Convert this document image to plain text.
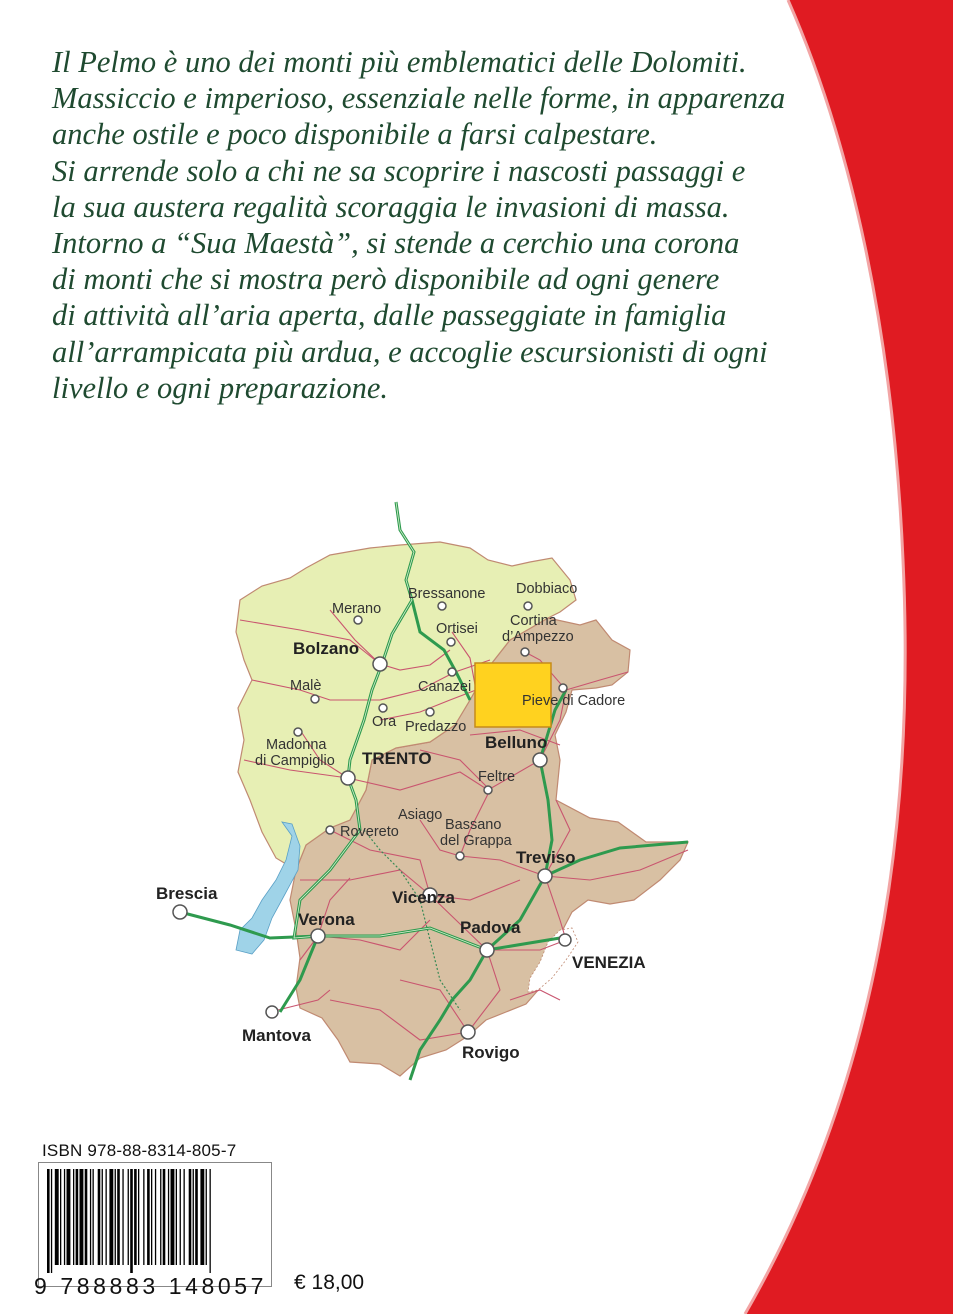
Il Pelmo è uno dei monti più emblematici delle Dolomiti.
Massiccio e imperioso, essenziale nelle forme, in apparenza
anche ostile e poco disponibile a farsi calpestare.
Si arrende solo a chi ne sa scoprire i nascosti passaggi e
la sua austera regalità scoraggia le invasioni di massa.
Intorno a “Sua Maestà”, si stende a cerchio una corona
di monti che si mostra però disponibile ad ogni genere
di attività all’aria aperta, dalle passeggiate in famiglia
all’arrampicata più ardua, e accoglie escursionisti di ogni
livello e ogni preparazione.
Dobbiaco
Bressanone
Merano
Ortisei Cortina
d’Ampezzo
Bolzano
Canazei
Pieve di Cadore
Malè
Ora Predazzo
Madonna
di Campiglio TRENTO
Belluno
Feltre
Asiago
Rovereto	Bassano
del Grappa
Treviso
Brescia
Verona
Vicenza
Padova
VENEZIA
Mantova
Rovigo
ISBN 978-88-8314-805-7
9 788883 148057 € 18,00
